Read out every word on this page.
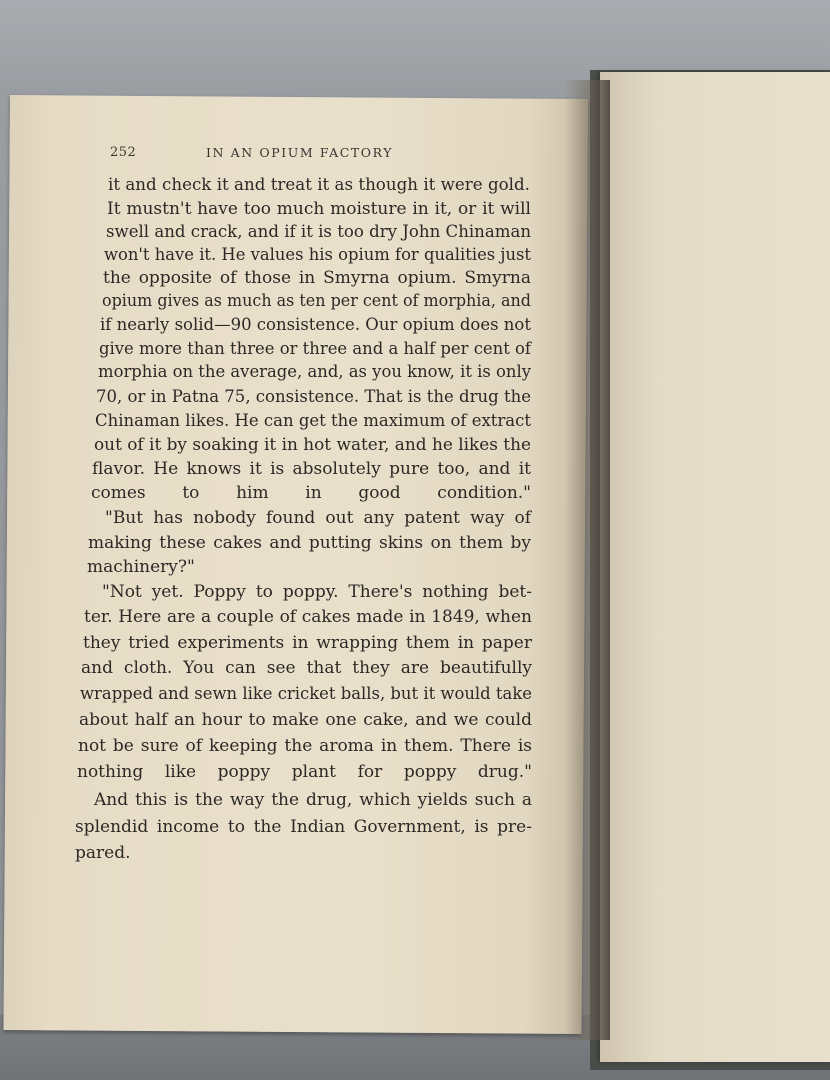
252	IN AN OPIUM FACTORY
it and check it and treat it as though it were gold.
It mustn't have too much moisture in it, or it will
swell and crack, and if it is too dry John Chinaman
won't have it. He values his opium for qualities just
the opposite of those in Smyrna opium. Smyrna
opium gives as much as ten per cent of morphia, and
if nearly solid—90 consistence. Our opium does not
give more than three or three and a half per cent of
morphia on the average, and, as you know, it is only
70, or in Patna 75, consistence. That is the drug the
Chinaman likes. He can get the maximum of extract
out of it by soaking it in hot water, and he likes the
flavor. He knows it is absolutely pure too, and it
comes to him in good condition."
"But has nobody found out any patent way of
making these cakes and putting skins on them by
machinery?"
"Not yet. Poppy to poppy. There's nothing bet-
ter. Here are a couple of cakes made in 1849, when
they tried experiments in wrapping them in paper
and cloth. You can see that they are beautifully
wrapped and sewn like cricket balls, but it would take
about half an hour to make one cake, and we could
not be sure of keeping the aroma in them. There is
nothing like poppy plant for poppy drug."
And this is the way the drug, which yields such a
splendid income to the Indian Government, is pre-
pared.
